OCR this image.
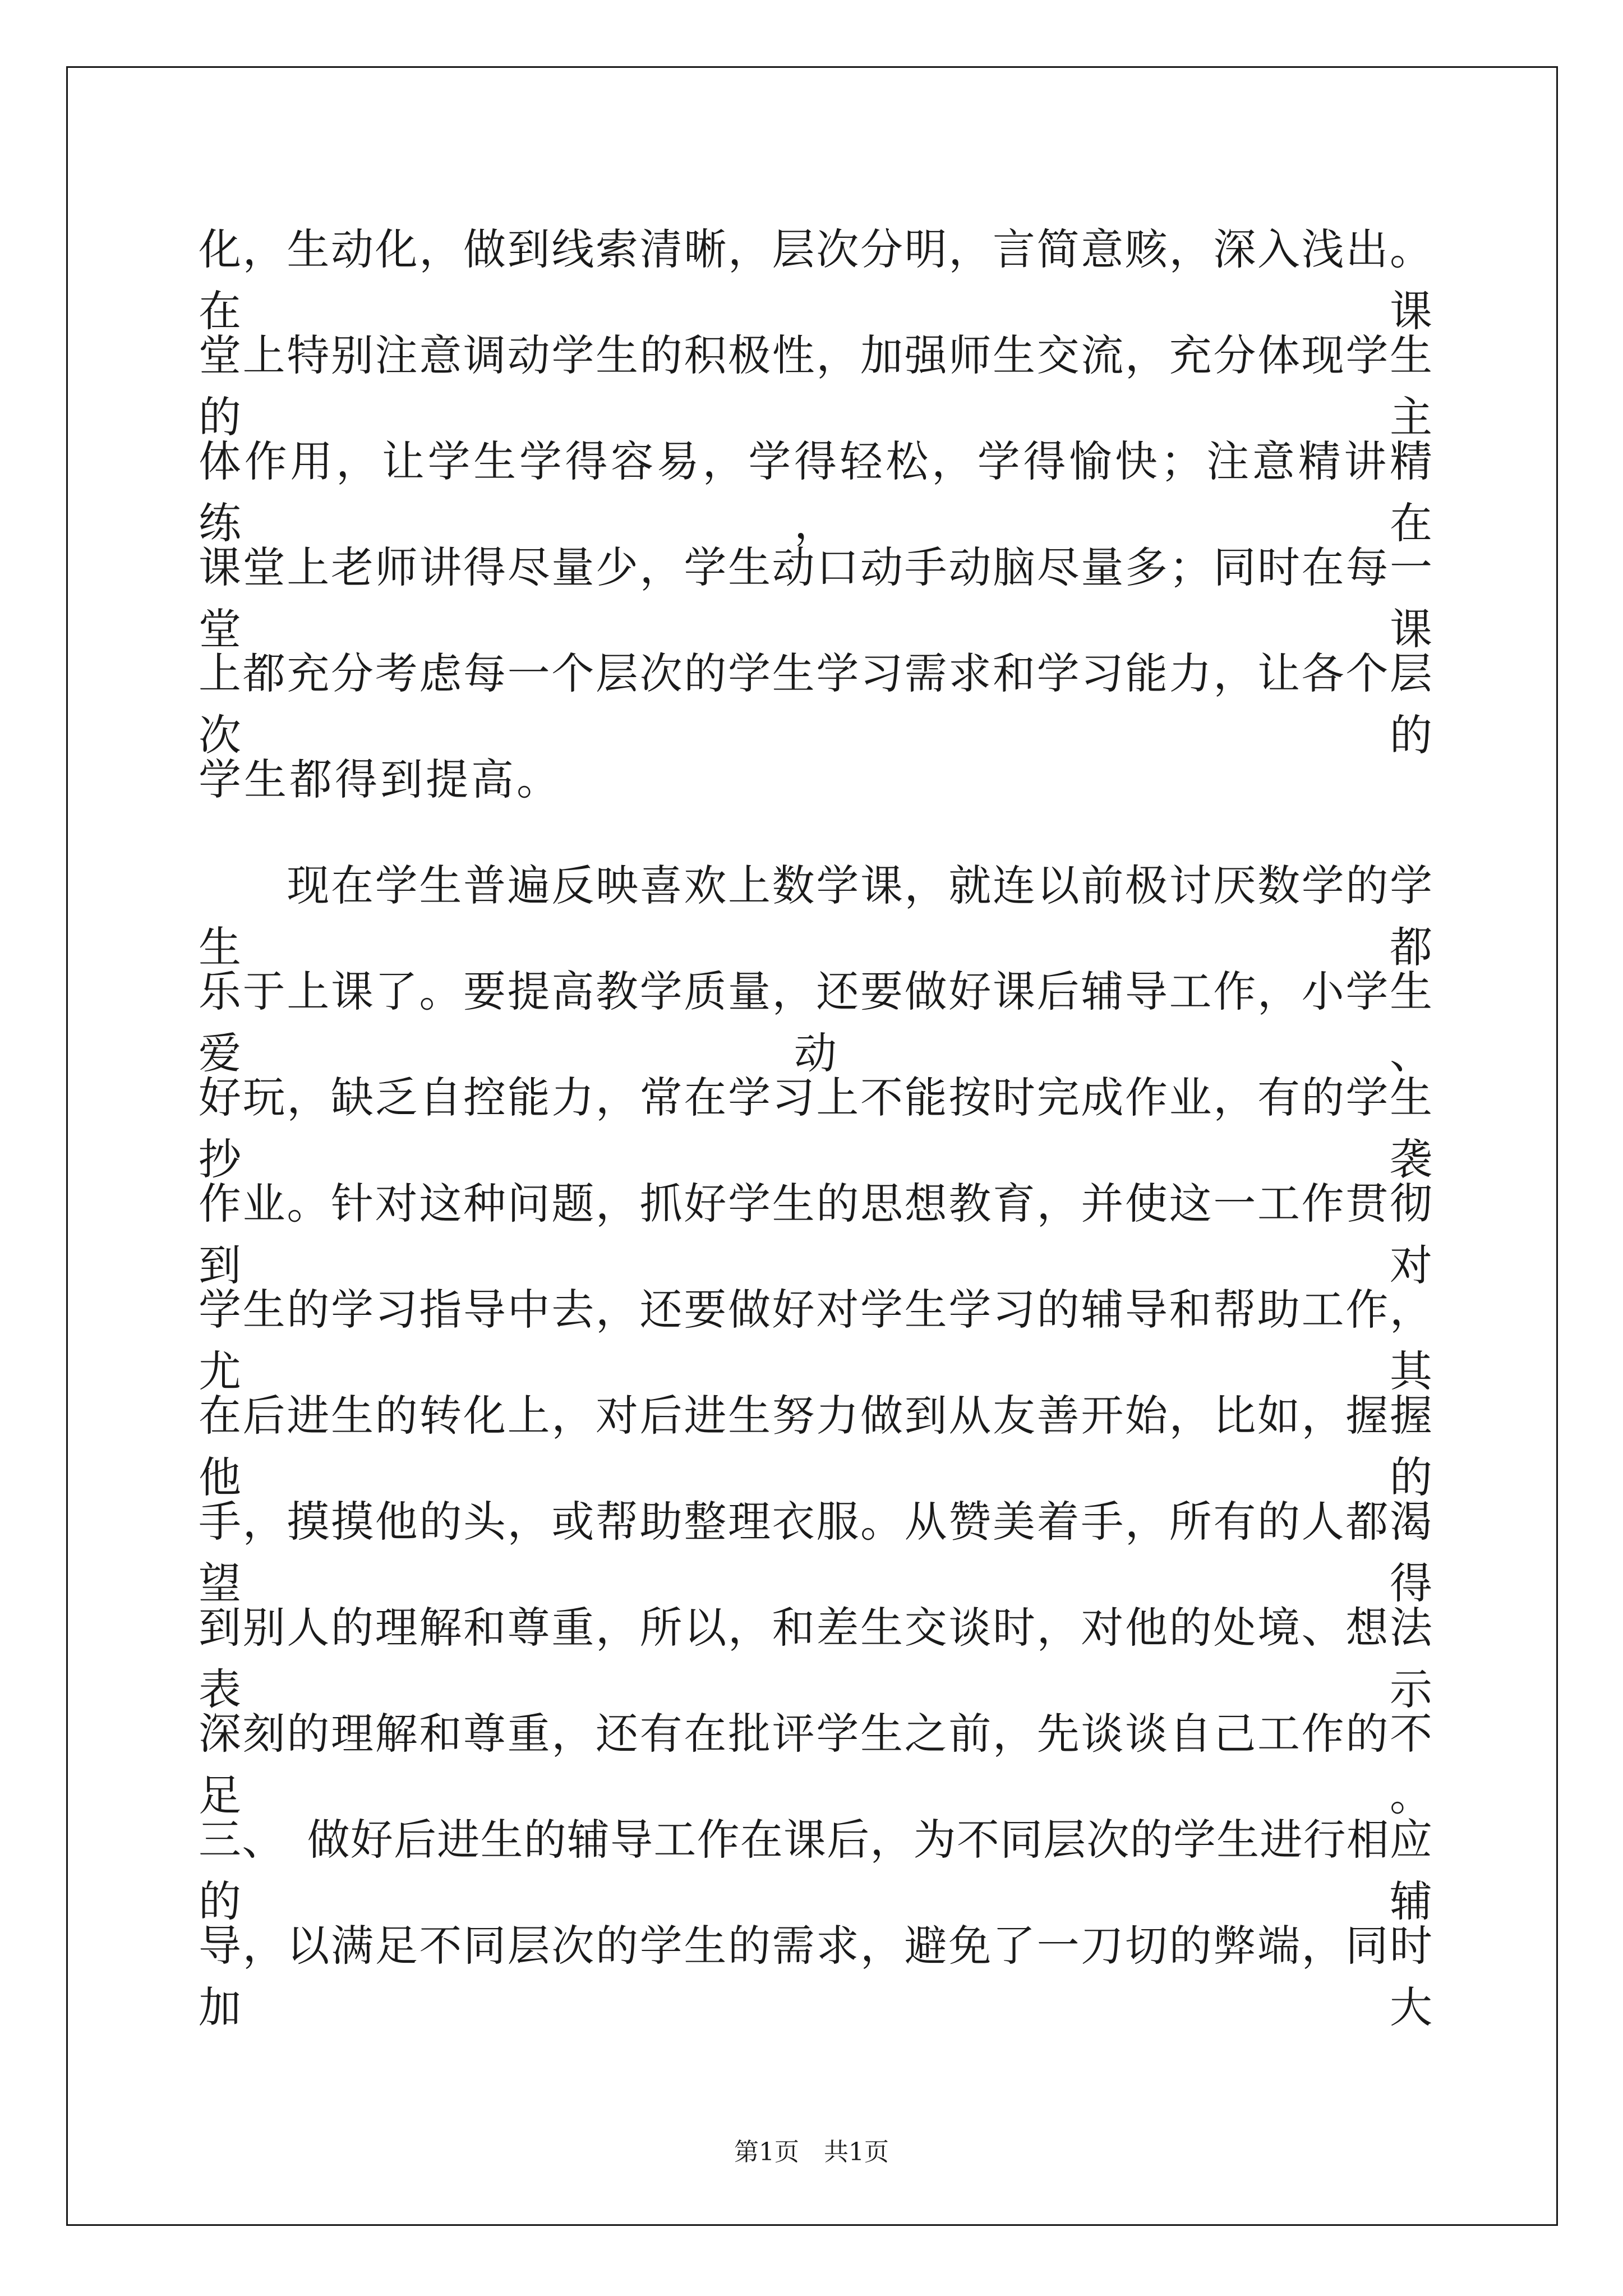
化，生动化，做到线索清晰，层次分明，言简意赅，深入浅出。在课
堂上特别注意调动学生的积极性，加强师生交流，充分体现学生的主
体作用，让学生学得容易，学得轻松，学得愉快；注意精讲精练，在
课堂上老师讲得尽量少，学生动口动手动脑尽量多；同时在每一堂课
上都充分考虑每一个层次的学生学习需求和学习能力，让各个层次的
学生都得到提高。
　　现在学生普遍反映喜欢上数学课，就连以前极讨厌数学的学生都
乐于上课了。要提高教学质量，还要做好课后辅导工作，小学生爱动、
好玩，缺乏自控能力，常在学习上不能按时完成作业，有的学生抄袭
作业。针对这种问题，抓好学生的思想教育，并使这一工作贯彻到对
学生的学习指导中去，还要做好对学生学习的辅导和帮助工作，尤其
在后进生的转化上，对后进生努力做到从友善开始，比如，握握他的
手，摸摸他的头，或帮助整理衣服。从赞美着手，所有的人都渴望得
到别人的理解和尊重，所以，和差生交谈时，对他的处境、想法表示
深刻的理解和尊重，还有在批评学生之前，先谈谈自己工作的不足。
三、　做好后进生的辅导工作在课后，为不同层次的学生进行相应的辅
导，以满足不同层次的学生的需求，避免了一刀切的弊端，同时加大
第1页　共1页
